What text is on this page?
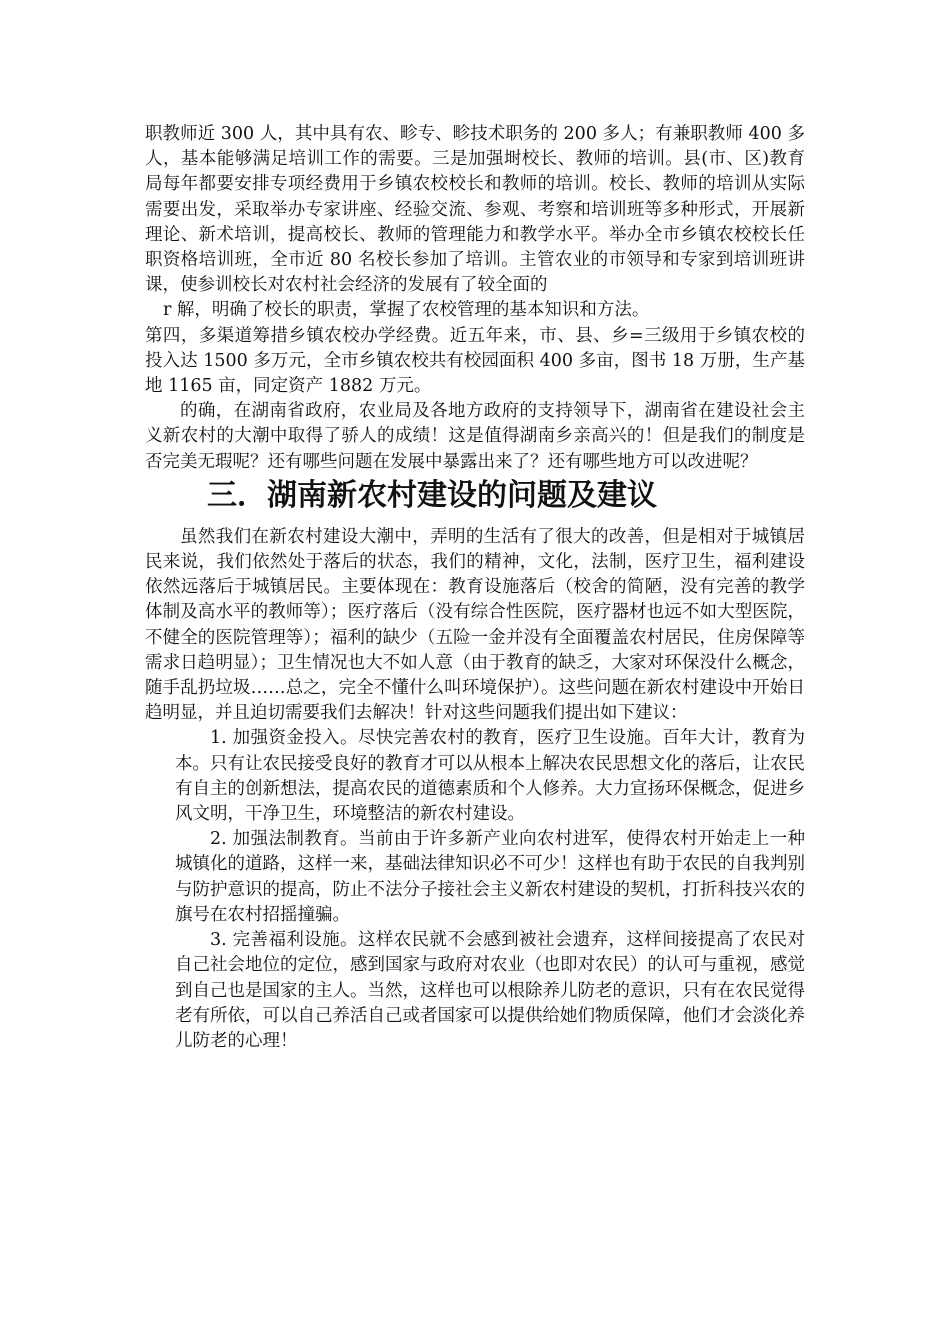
职教师近 300 人，其中具有农、畛专、畛技术职务的 200 多人；有兼职教师 400 多人，基本能够满足培训工作的需要。三是加强埘校长、教师的培训。县(市、区)教育局每年都要安排专项经费用于乡镇农校校长和教师的培训。校长、教师的培训从实际需要出发，采取举办专家讲座、经验交流、参观、考察和培训班等多种形式，开展新理论、新术培训，提高校长、教师的管理能力和教学水平。举办全市乡镇农校校长任职资格培训班，全市近 80 名校长参加了培训。主管农业的市领导和专家到培训班讲课，使参训校长对农村社会经济的发展有了较全面的

r 解，明确了校长的职责，掌握了农校管理的基本知识和方法。

第四，多渠道筹措乡镇农校办学经费。近五年来，市、县、乡=三级用于乡镇农校的投入达 1500 多万元，全市乡镇农校共有校园面积 400 多亩，图书 18 万册，生产基地 1165 亩，同定资产 1882 万元。

的确，在湖南省政府，农业局及各地方政府的支持领导下，湖南省在建设社会主义新农村的大潮中取得了骄人的成绩！这是值得湖南乡亲高兴的！但是我们的制度是否完美无瑕呢？还有哪些问题在发展中暴露出来了？还有哪些地方可以改进呢？

三．湖南新农村建设的问题及建议

虽然我们在新农村建设大潮中，弄明的生活有了很大的改善，但是相对于城镇居民来说，我们依然处于落后的状态，我们的精神，文化，法制，医疗卫生，福利建设依然远落后于城镇居民。主要体现在：教育设施落后（校舍的简陋，没有完善的教学体制及高水平的教师等）；医疗落后（没有综合性医院，医疗器材也远不如大型医院，不健全的医院管理等）；福利的缺少（五险一金并没有全面覆盖农村居民，住房保障等需求日趋明显）；卫生情况也大不如人意（由于教育的缺乏，大家对环保没什么概念，随手乱扔垃圾……总之，完全不懂什么叫环境保护）。这些问题在新农村建设中开始日趋明显，并且迫切需要我们去解决！针对这些问题我们提出如下建议：

1. 加强资金投入。尽快完善农村的教育，医疗卫生设施。百年大计，教育为本。只有让农民接受良好的教育才可以从根本上解决农民思想文化的落后，让农民有自主的创新想法，提高农民的道德素质和个人修养。大力宣扬环保概念，促进乡风文明，干净卫生，环境整洁的新农村建设。

2. 加强法制教育。当前由于许多新产业向农村进军，使得农村开始走上一种城镇化的道路，这样一来，基础法律知识必不可少！这样也有助于农民的自我判别与防护意识的提高，防止不法分子接社会主义新农村建设的契机，打折科技兴农的旗号在农村招摇撞骗。

3. 完善福利设施。这样农民就不会感到被社会遗弃，这样间接提高了农民对自己社会地位的定位，感到国家与政府对农业（也即对农民）的认可与重视，感觉到自己也是国家的主人。当然，这样也可以根除养儿防老的意识，只有在农民觉得老有所依，可以自己养活自己或者国家可以提供给她们物质保障，他们才会淡化养儿防老的心理！
